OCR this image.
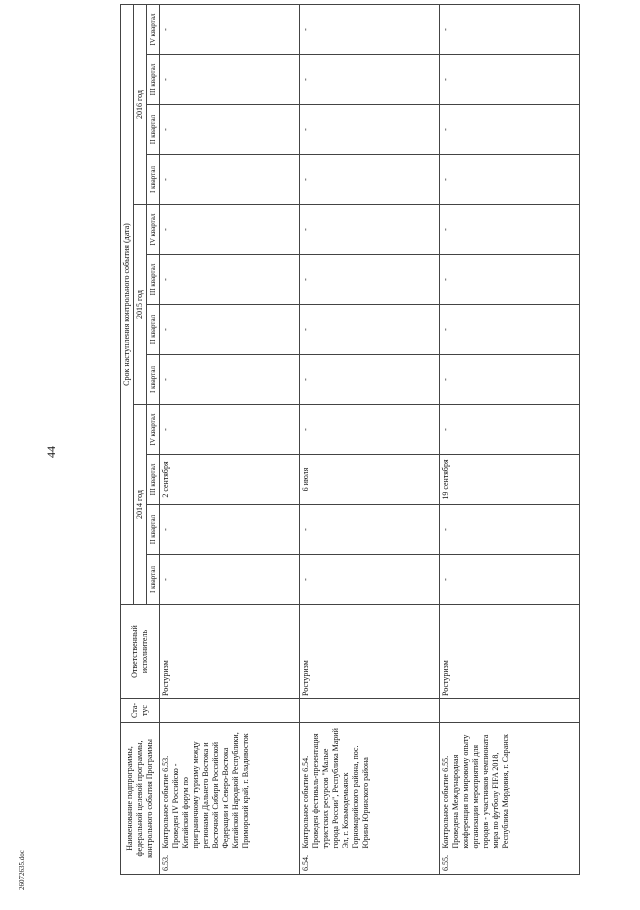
44
26072635.doc
Наименование подпрограммы, федеральной целевой программы, контрольного события Программы		Ста-тус	Ответственный исполнитель	Срок наступления контрольного события (дата)											
				2014 год				2015 год				2016 год			
				I квартал	II квартал	III квартал	IV квартал	I квартал	II квартал	III квартал	IV квартал	I квартал	II квартал	III квартал	IV квартал
6.53.	Контрольное событие 6.53. Проведен IV Российско - Китайский форум по приграничному туризму между регионами Дальнего Востока и Восточной Сибири Российской Федерации и Северо-Востока Китайской Народной Республики, Приморский край, г. Владивосток		Ростуризм	-	-	2 сентября	-	-	-	-	-	-	-	-	-
6.54.	Контрольное событие 6.54. Проведен фестиваль-презентация туристских ресурсов "Малые города России", Республика Марий Эл, г. Козьмодемьянск Горномарийского района, пос. Юрино Юринского района		Ростуризм	-	-	6 июля	-	-	-	-	-	-	-	-	-
6.55.	Контрольное событие 6.55. Проведена Международная конференция по мировому опыту организации мероприятий для городов - участников чемпионата мира по футболу FIFA 2018, Республика Мордовия, г. Саранск		Ростуризм	-	-	19 сентября	-	-	-	-	-	-	-	-	-
